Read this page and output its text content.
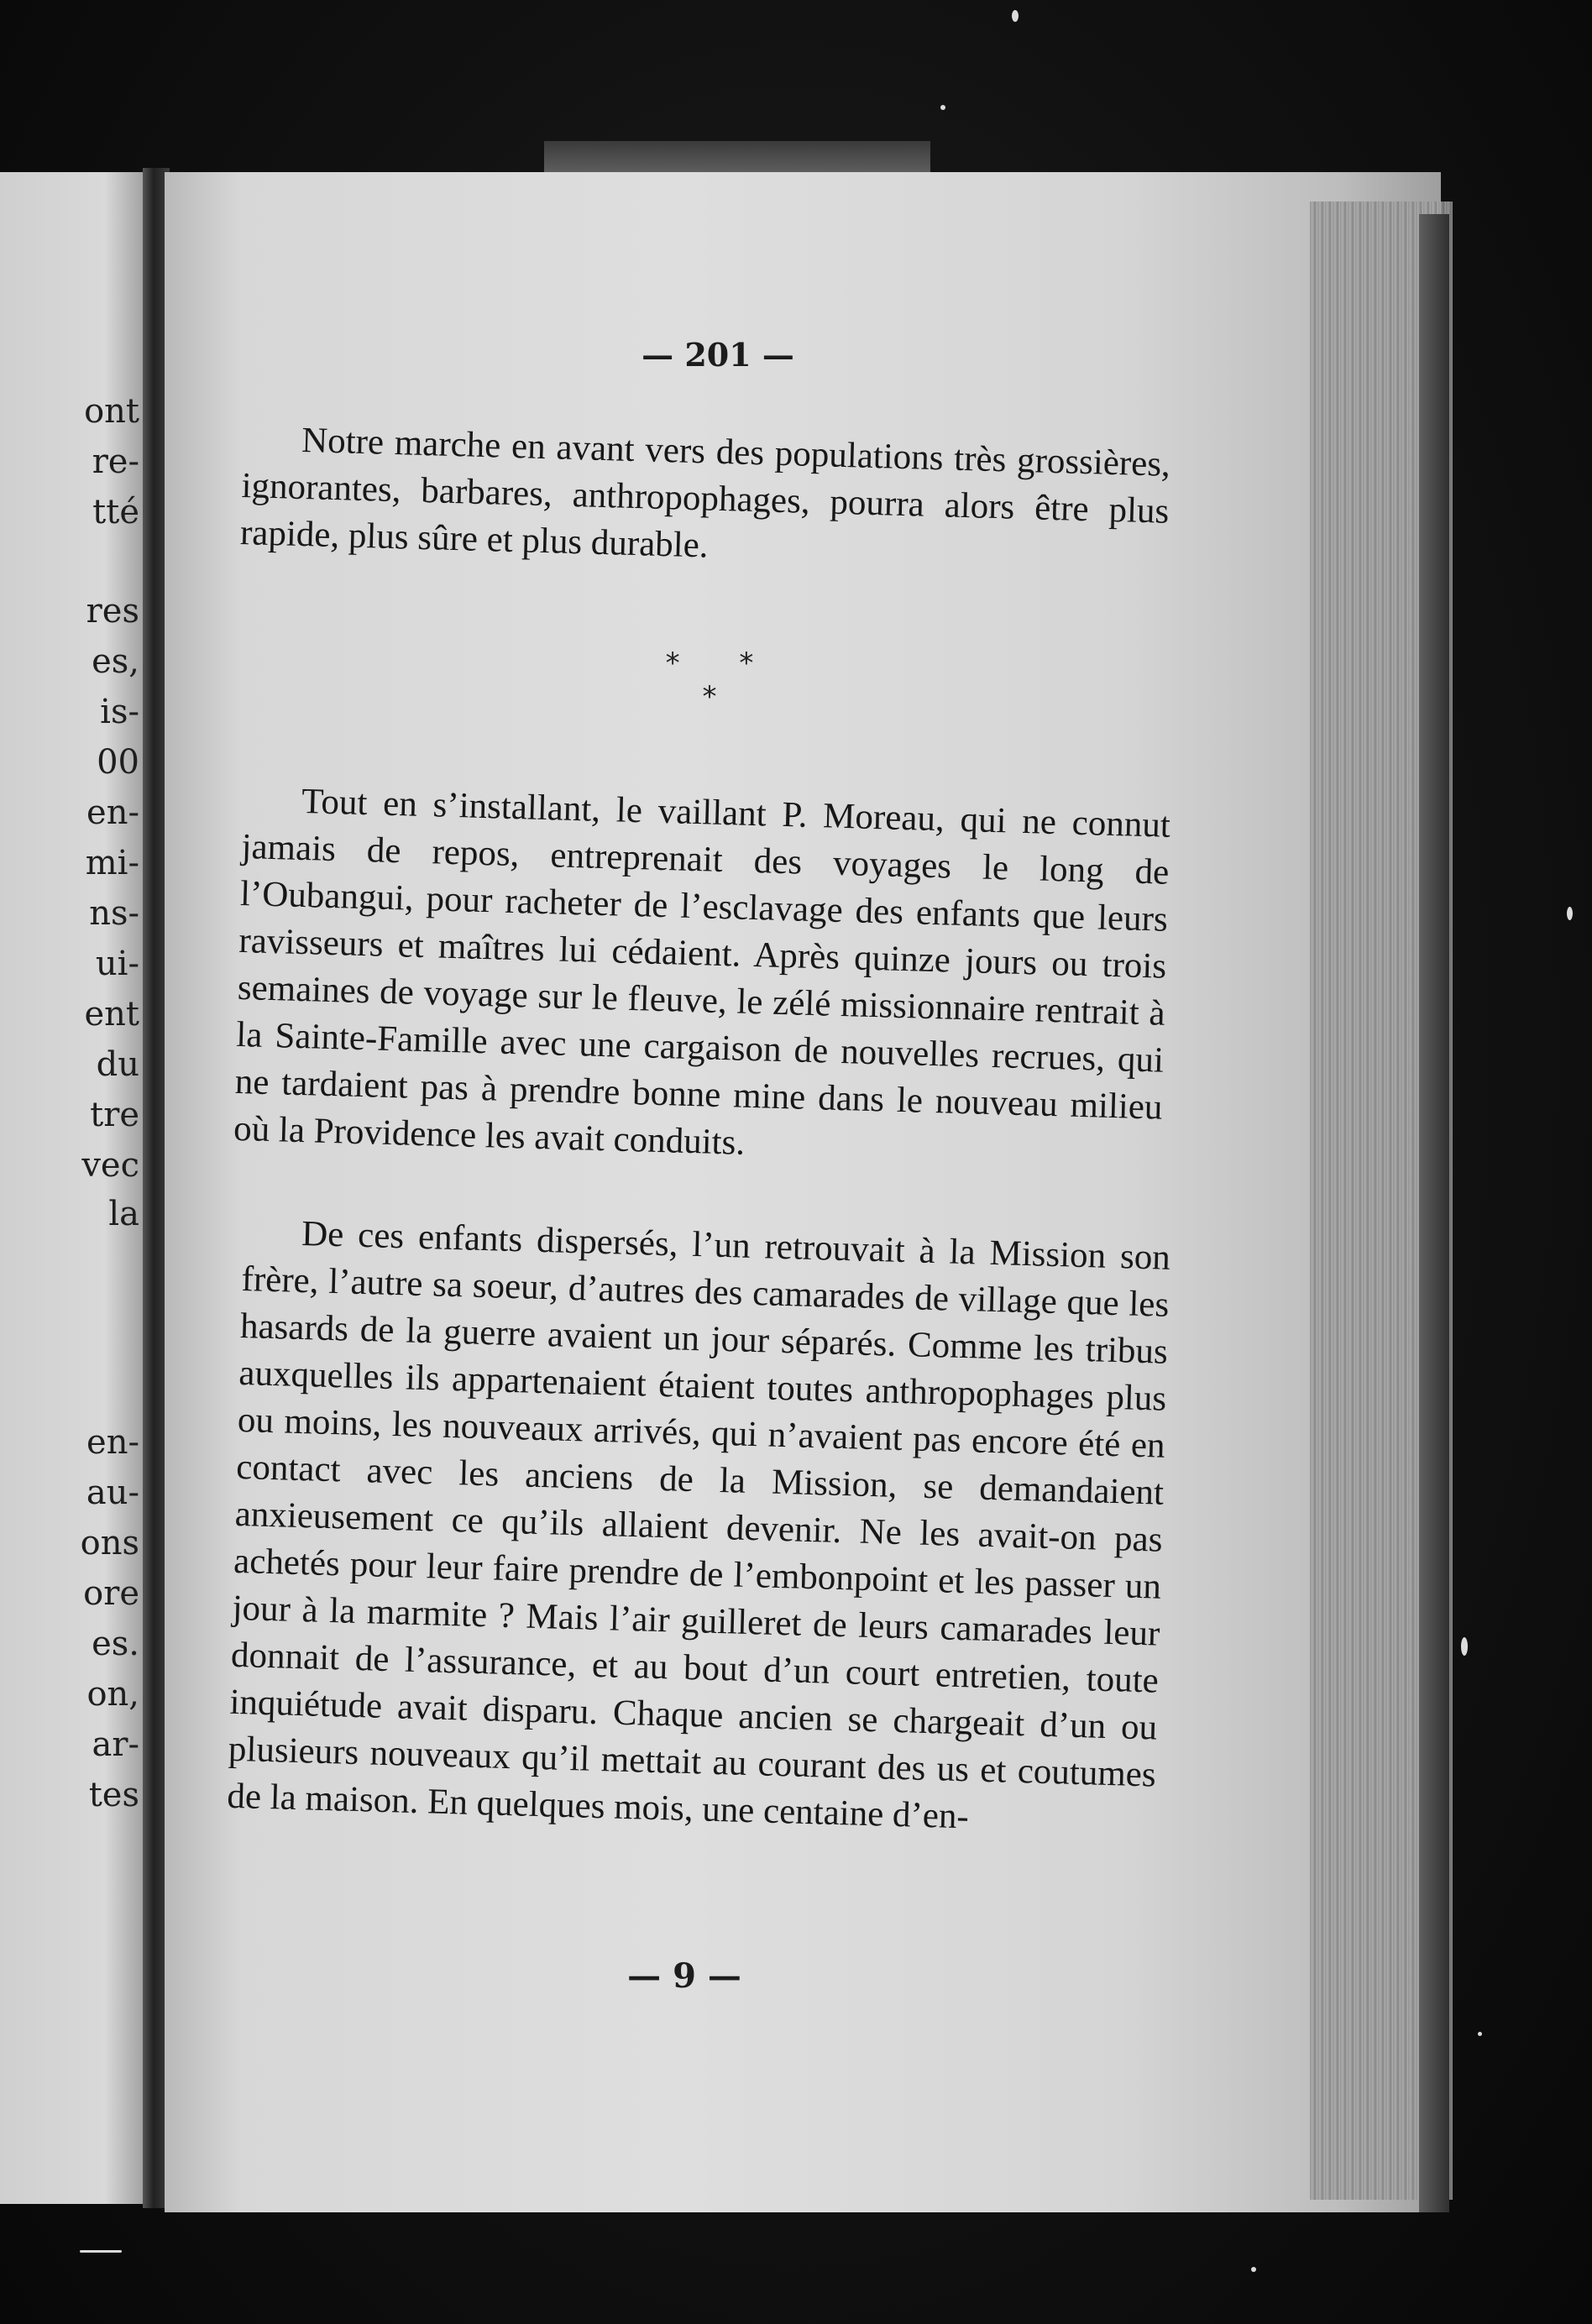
ont
re-
tté
res
es,
is-
00
en-
mi-
ns-
ui-
ent
du
tre
vec
la
en-
au-
ons
ore
es.
on,
ar-
tes
— 201 —

Notre marche en avant vers des populations très grossières, ignorantes, barbares, anthropophages, pourra alors être plus rapide, plus sûre et plus durable.

* * *

Tout en s’installant, le vaillant P. Moreau, qui ne connut jamais de repos, entreprenait des voyages le long de l’Oubangui, pour racheter de l’esclavage des enfants que leurs ravisseurs et maîtres lui cédaient. Après quinze jours ou trois semaines de voyage sur le fleuve, le zélé missionnaire rentrait à la Sainte-Famille avec une cargaison de nouvelles recrues, qui ne tardaient pas à prendre bonne mine dans le nouveau milieu où la Providence les avait conduits.

De ces enfants dispersés, l’un retrouvait à la Mission son frère, l’autre sa soeur, d’autres des camarades de village que les hasards de la guerre avaient un jour séparés. Comme les tribus auxquelles ils appartenaient étaient toutes anthropophages plus ou moins, les nouveaux arrivés, qui n’avaient pas encore été en contact avec les anciens de la Mission, se demandaient anxieusement ce qu’ils allaient devenir. Ne les avait-on pas achetés pour leur faire prendre de l’embonpoint et les passer un jour à la marmite ? Mais l’air guilleret de leurs camarades leur donnait de l’assurance, et au bout d’un court entretien, toute inquiétude avait disparu. Chaque ancien se chargeait d’un ou plusieurs nouveaux qu’il mettait au courant des us et coutumes de la maison. En quelques mois, une centaine d’en-

— 9 —
